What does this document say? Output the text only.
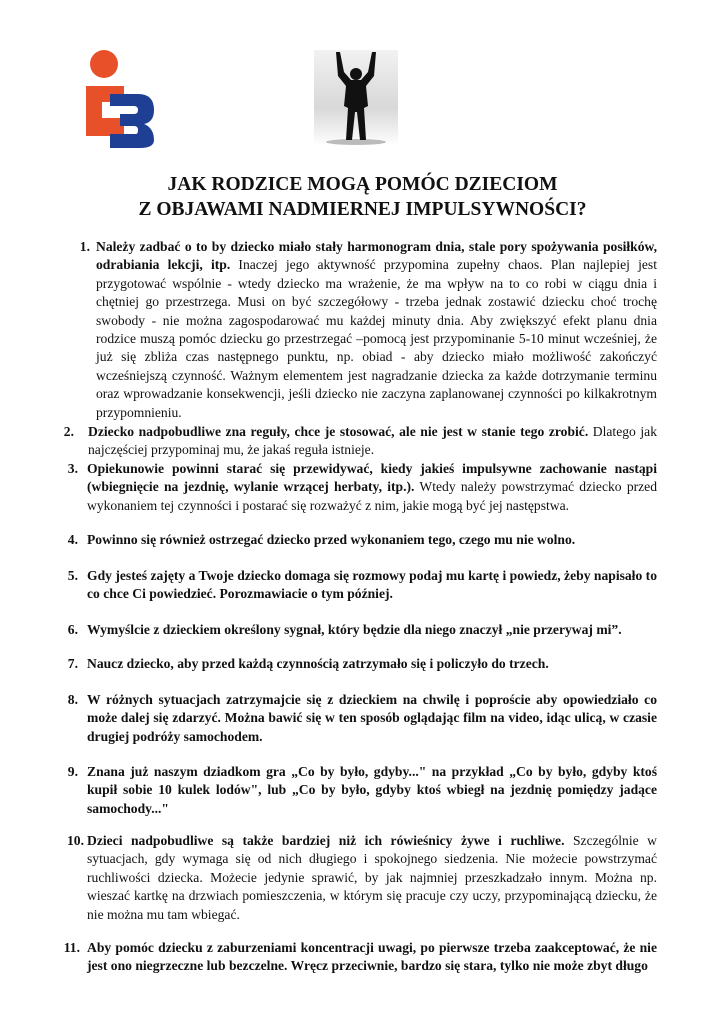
JAK RODZICE MOGĄ POMÓC DZIECIOM
Z OBJAWAMI NADMIERNEJ IMPULSYWNOŚCI?
1. Należy zadbać o to by dziecko miało stały harmonogram dnia, stale pory spożywania posiłków, odrabiania lekcji, itp. Inaczej jego aktywność przypomina zupełny chaos. Plan najlepiej jest przygotować wspólnie - wtedy dziecko ma wrażenie, że ma wpływ na to co robi w ciągu dnia i chętniej go przestrzega. Musi on być szczegółowy - trzeba jednak zostawić dziecku choć trochę swobody - nie można zagospodarować mu każdej minuty dnia. Aby zwiększyć efekt planu dnia rodzice muszą pomóc dziecku go przestrzegać –pomocą jest przypominanie 5-10 minut wcześniej, że już się zbliża czas następnego punktu, np. obiad - aby dziecko miało możliwość zakończyć wcześniejszą czynność. Ważnym elementem jest nagradzanie dziecka za każde dotrzymanie terminu oraz wprowadzanie konsekwencji, jeśli dziecko nie zaczyna zaplanowanej czynności po kilkakrotnym przypomnieniu.
2. Dziecko nadpobudliwe zna reguły, chce je stosować, ale nie jest w stanie tego zrobić. Dlatego jak najczęściej przypominaj mu, że jakaś reguła istnieje.
3. Opiekunowie powinni starać się przewidywać, kiedy jakieś impulsywne zachowanie nastąpi (wbiegnięcie na jezdnię, wylanie wrzącej herbaty, itp.). Wtedy należy powstrzymać dziecko przed wykonaniem tej czynności i postarać się rozważyć z nim, jakie mogą być jej następstwa.
4. Powinno się również ostrzegać dziecko przed wykonaniem tego, czego mu nie wolno.
5. Gdy jesteś zajęty a Twoje dziecko domaga się rozmowy podaj mu kartę i powiedz, żeby napisało to co chce Ci powiedzieć. Porozmawiacie o tym później.
6. Wymyślcie z dzieckiem określony sygnał, który będzie dla niego znaczył „nie przerywaj mi”.
7. Naucz dziecko, aby przed każdą czynnością zatrzymało się i policzyło do trzech.
8. W różnych sytuacjach zatrzymajcie się z dzieckiem na chwilę i poproście aby opowiedziało co może dalej się zdarzyć. Można bawić się w ten sposób oglądając film na video, idąc ulicą, w czasie drugiej podróży samochodem.
9. Znana już naszym dziadkom gra „Co by było, gdyby..." na przykład „Co by było, gdyby ktoś kupił sobie 10 kulek lodów", lub „Co by było, gdyby ktoś wbiegł na jezdnię pomiędzy jadące samochody..."
10. Dzieci nadpobudliwe są także bardziej niż ich rówieśnicy żywe i ruchliwe. Szczególnie w sytuacjach, gdy wymaga się od nich długiego i spokojnego siedzenia. Nie możecie powstrzymać ruchliwości dziecka. Możecie jedynie sprawić, by jak najmniej przeszkadzało innym. Można np. wieszać kartkę na drzwiach pomieszczenia, w którym się pracuje czy uczy, przypominającą dziecku, że nie można mu tam wbiegać.
11. Aby pomóc dziecku z zaburzeniami koncentracji uwagi, po pierwsze trzeba zaakceptować, że nie jest ono niegrzeczne lub bezczelne. Wręcz przeciwnie, bardzo się stara, tylko nie może zbyt długo
